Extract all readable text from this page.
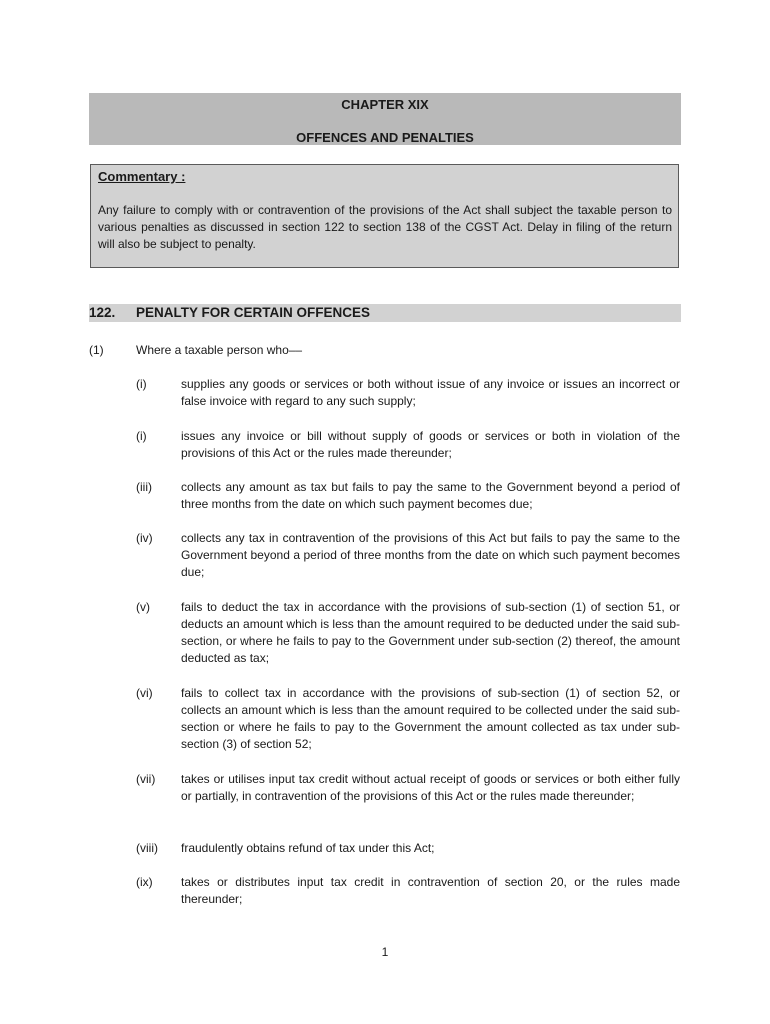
CHAPTER XIX
OFFENCES AND PENALTIES
Commentary :
Any failure to comply with or contravention of the provisions of the Act shall subject the taxable person to various penalties as discussed in section 122 to section 138 of the CGST Act. Delay in filing of the return will also be subject to penalty.
122. PENALTY FOR CERTAIN OFFENCES
(1)	Where a taxable person who––
(i)	supplies any goods or services or both without issue of any invoice or issues an incorrect or false invoice with regard to any such supply;
(i)	issues any invoice or bill without supply of goods or services or both in violation of the provisions of this Act or the rules made thereunder;
(iii) collects any amount as tax but fails to pay the same to the Government beyond a period of three months from the date on which such payment becomes due;
(iv) collects any tax in contravention of the provisions of this Act but fails to pay the same to the Government beyond a period of three months from the date on which such payment becomes due;
(v)	fails to deduct the tax in accordance with the provisions of sub-section (1) of section 51, or deducts an amount which is less than the amount required to be deducted under the said sub-section, or where he fails to pay to the Government under sub-section (2) thereof, the amount deducted as tax;
(vi) fails to collect tax in accordance with the provisions of sub-section (1) of section 52, or collects an amount which is less than the amount required to be collected under the said sub-section or where he fails to pay to the Government the amount collected as tax under sub-section (3) of section 52;
(vii) takes or utilises input tax credit without actual receipt of goods or services or both either fully or partially, in contravention of the provisions of this Act or the rules made thereunder;
(viii) fraudulently obtains refund of tax under this Act;
(ix) takes or distributes input tax credit in contravention of section 20, or the rules made thereunder;
1
